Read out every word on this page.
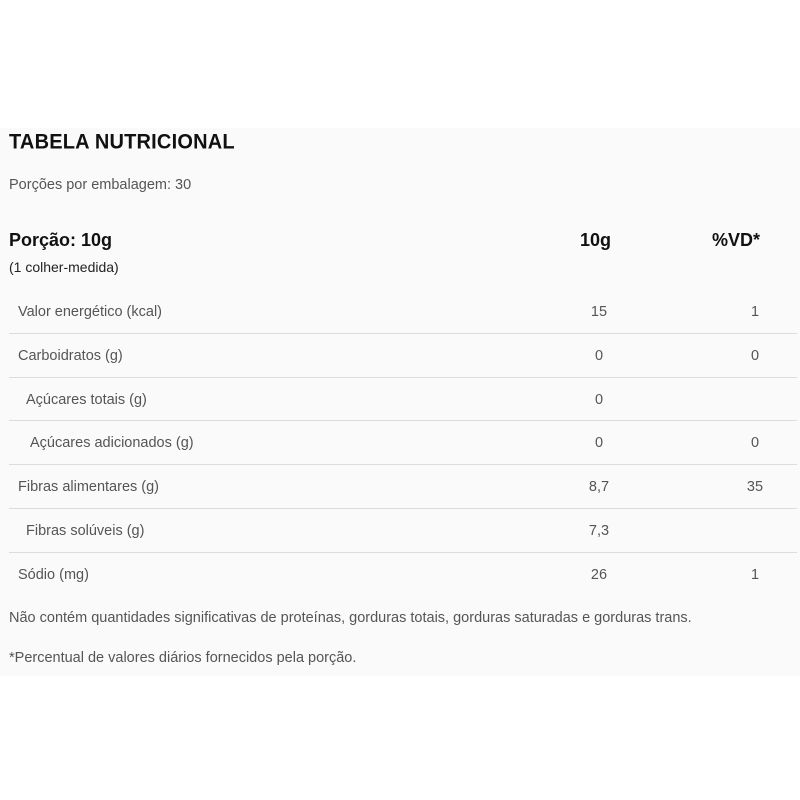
TABELA NUTRICIONAL
Porções por embalagem: 30
Porção: 10g
(1 colher-medida)
10g	%VD*
Valor energético (kcal)	15	1
Carboidratos (g)	0	0
Açúcares totais (g)	0
Açúcares adicionados (g)	0	0
Fibras alimentares (g)	8,7	35
Fibras solúveis (g)	7,3
Sódio (mg)	26	1
Não contém quantidades significativas de proteínas, gorduras totais, gorduras saturadas e gorduras trans.
*Percentual de valores diários fornecidos pela porção.
